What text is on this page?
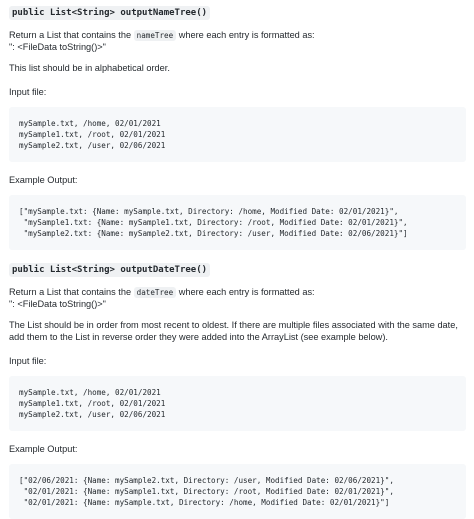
public List<String> outputNameTree()

Return a List that contains the nameTree where each entry is formatted as:

": <FileData toString()>"

This list should be in alphabetical order.

Input file:

mySample.txt, /home, 02/01/2021
mySample1.txt, /root, 02/01/2021
mySample2.txt, /user, 02/06/2021

Example Output:

["mySample.txt: {Name: mySample.txt, Directory: /home, Modified Date: 02/01/2021}",
"mySample1.txt: {Name: mySample1.txt, Directory: /root, Modified Date: 02/01/2021}",
"mySample2.txt: {Name: mySample2.txt, Directory: /user, Modified Date: 02/06/2021}"]
public List<String> outputDateTree()

Return a List that contains the dateTree where each entry is formatted as:

": <FileData toString()>"

The List should be in order from most recent to oldest. If there are multiple files associated with the same date, add them to the List in reverse order they were added into the ArrayList (see example below).

Input file:

mySample.txt, /home, 02/01/2021
mySample1.txt, /root, 02/01/2021
mySample2.txt, /user, 02/06/2021

Example Output:

["02/06/2021: {Name: mySample2.txt, Directory: /user, Modified Date: 02/06/2021}",
"02/01/2021: {Name: mySample1.txt, Directory: /root, Modified Date: 02/01/2021}",
"02/01/2021: {Name: mySample.txt, Directory: /home, Modified Date: 02/01/2021}"]
